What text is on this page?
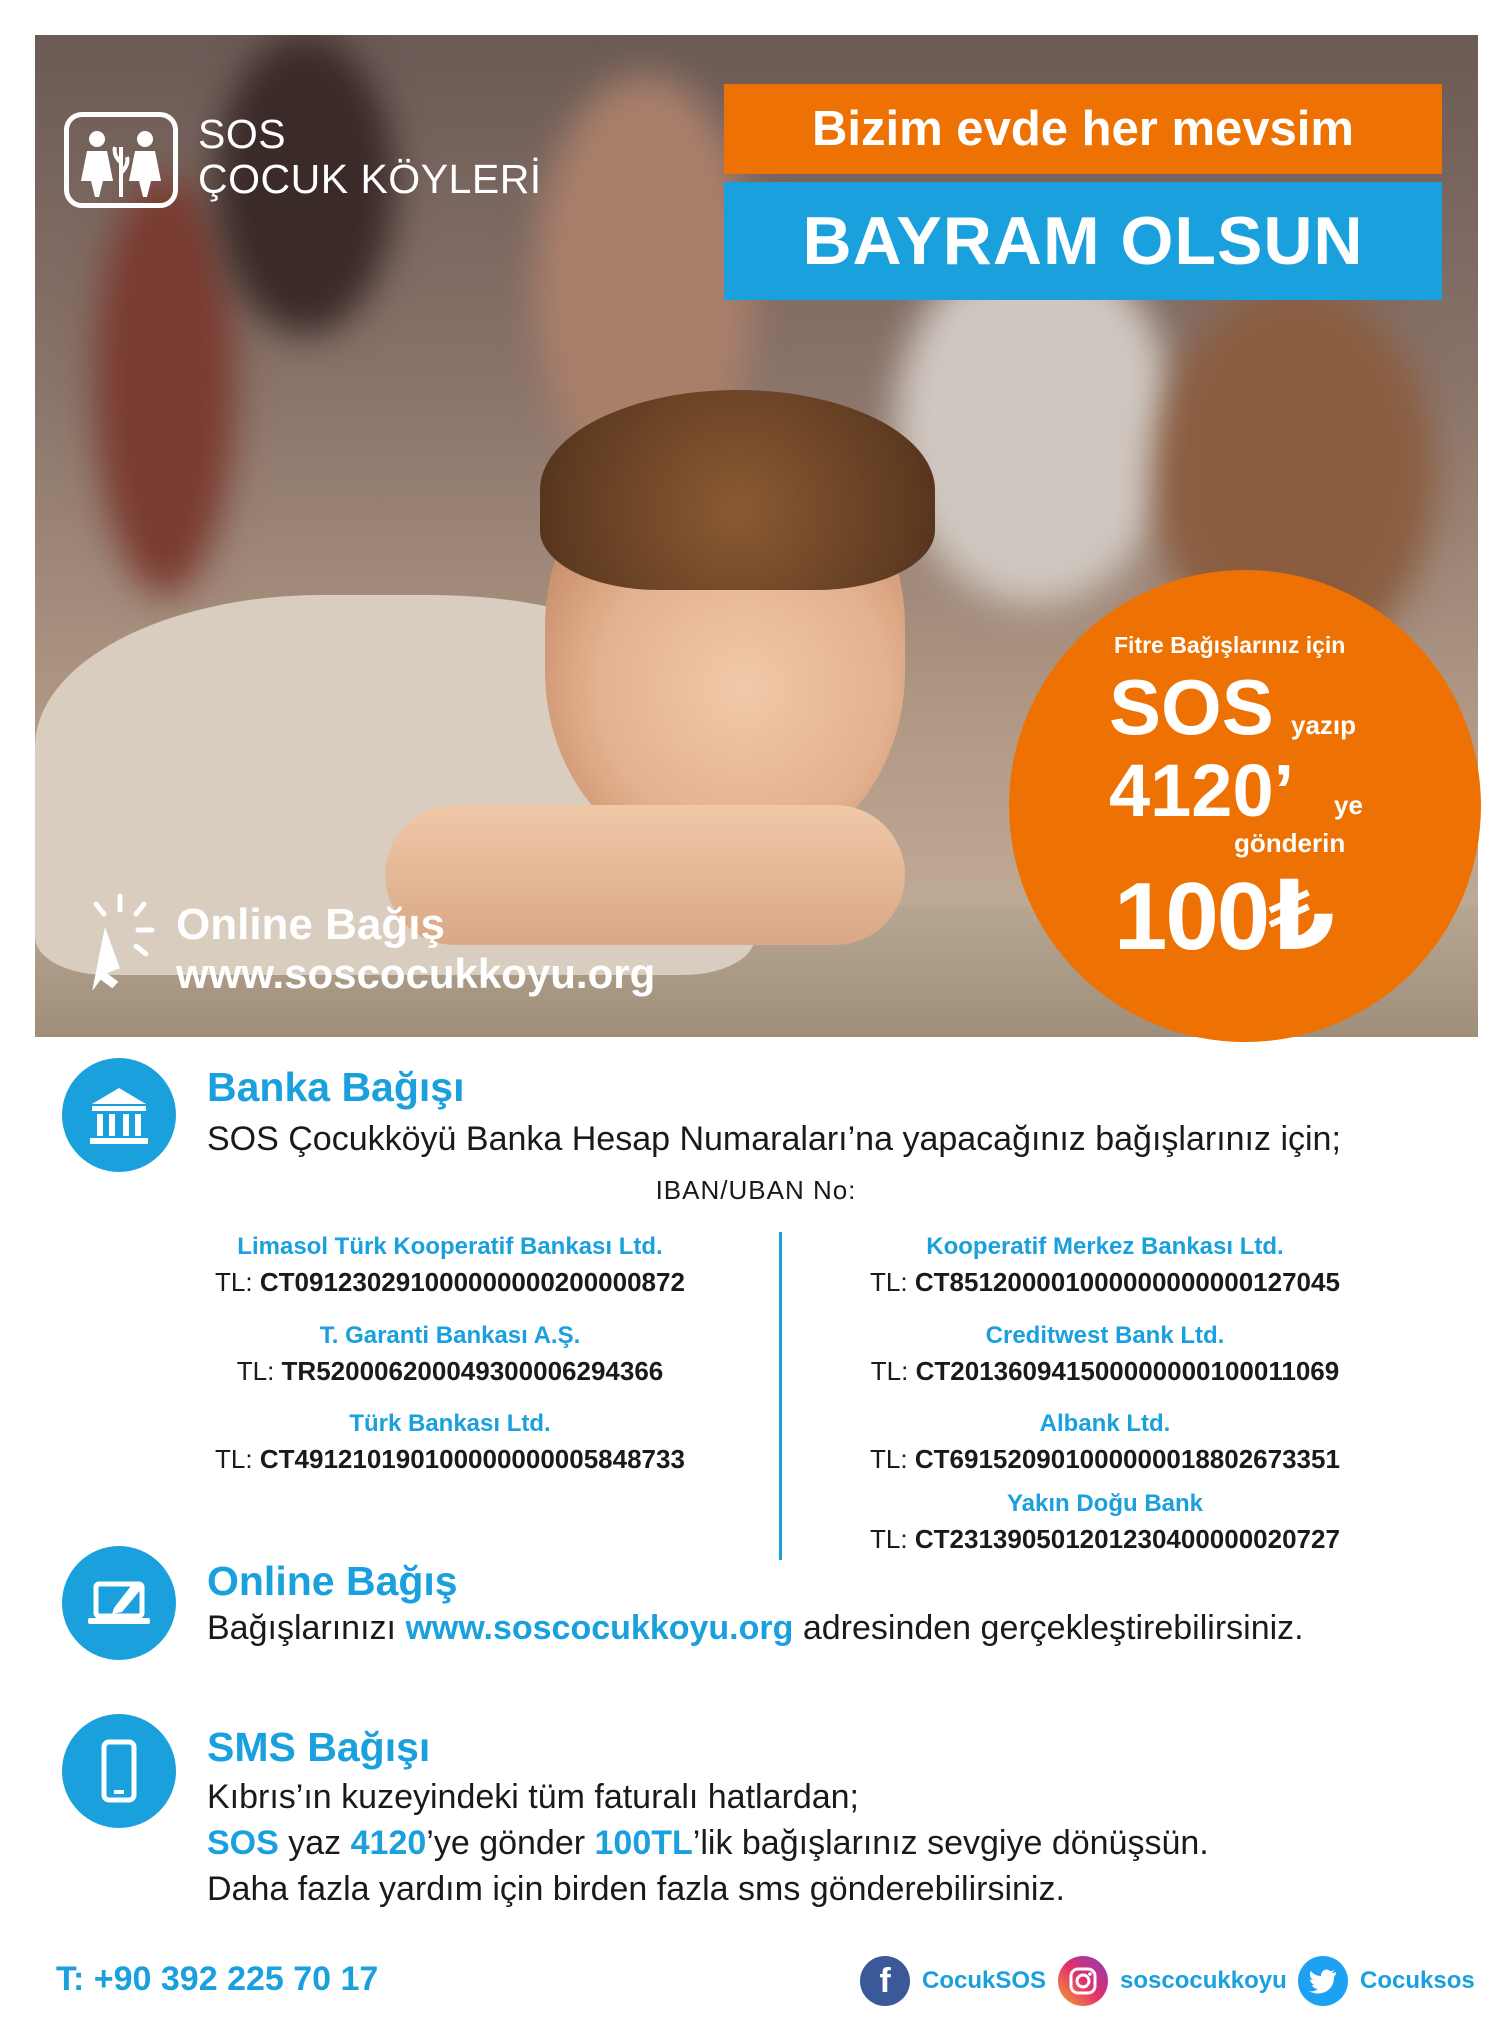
SOS
ÇOCUK KÖYLERİ
Bizim evde her mevsim
BAYRAM OLSUN
Fitre Bağışlarınız için
SOS yazıp
4120’ ye
gönderin
100₺
Online Bağış
www.soscocukkoyu.org
Banka Bağışı
SOS Çocukköyü Banka Hesap Numaraları’na yapacağınız bağışlarınız için;
IBAN/UBAN No:
Limasol Türk Kooperatif Bankası Ltd.
TL: CT091230291000000000200000872
T. Garanti Bankası A.Ş.
TL: TR520006200049300006294366
Türk Bankası Ltd.
TL: CT491210190100000000005848733
Kooperatif Merkez Bankası Ltd.
TL: CT851200001000000000000127045
Creditwest Bank Ltd.
TL: CT201360941500000000100011069
Albank Ltd.
TL: CT691520901000000018802673351
Yakın Doğu Bank
TL: CT231390501201230400000020727
Online Bağış
Bağışlarınızı www.soscocukkoyu.org adresinden gerçekleştirebilirsiniz.
SMS Bağışı
Kıbrıs’ın kuzeyindeki tüm faturalı hatlardan;
SOS yaz 4120’ye gönder 100TL’lik bağışlarınız sevgiye dönüşsün.
Daha fazla yardım için birden fazla sms gönderebilirsiniz.
T: +90 392 225 70 17	f CocukSOS	soscocukkoyu	Cocuksos
